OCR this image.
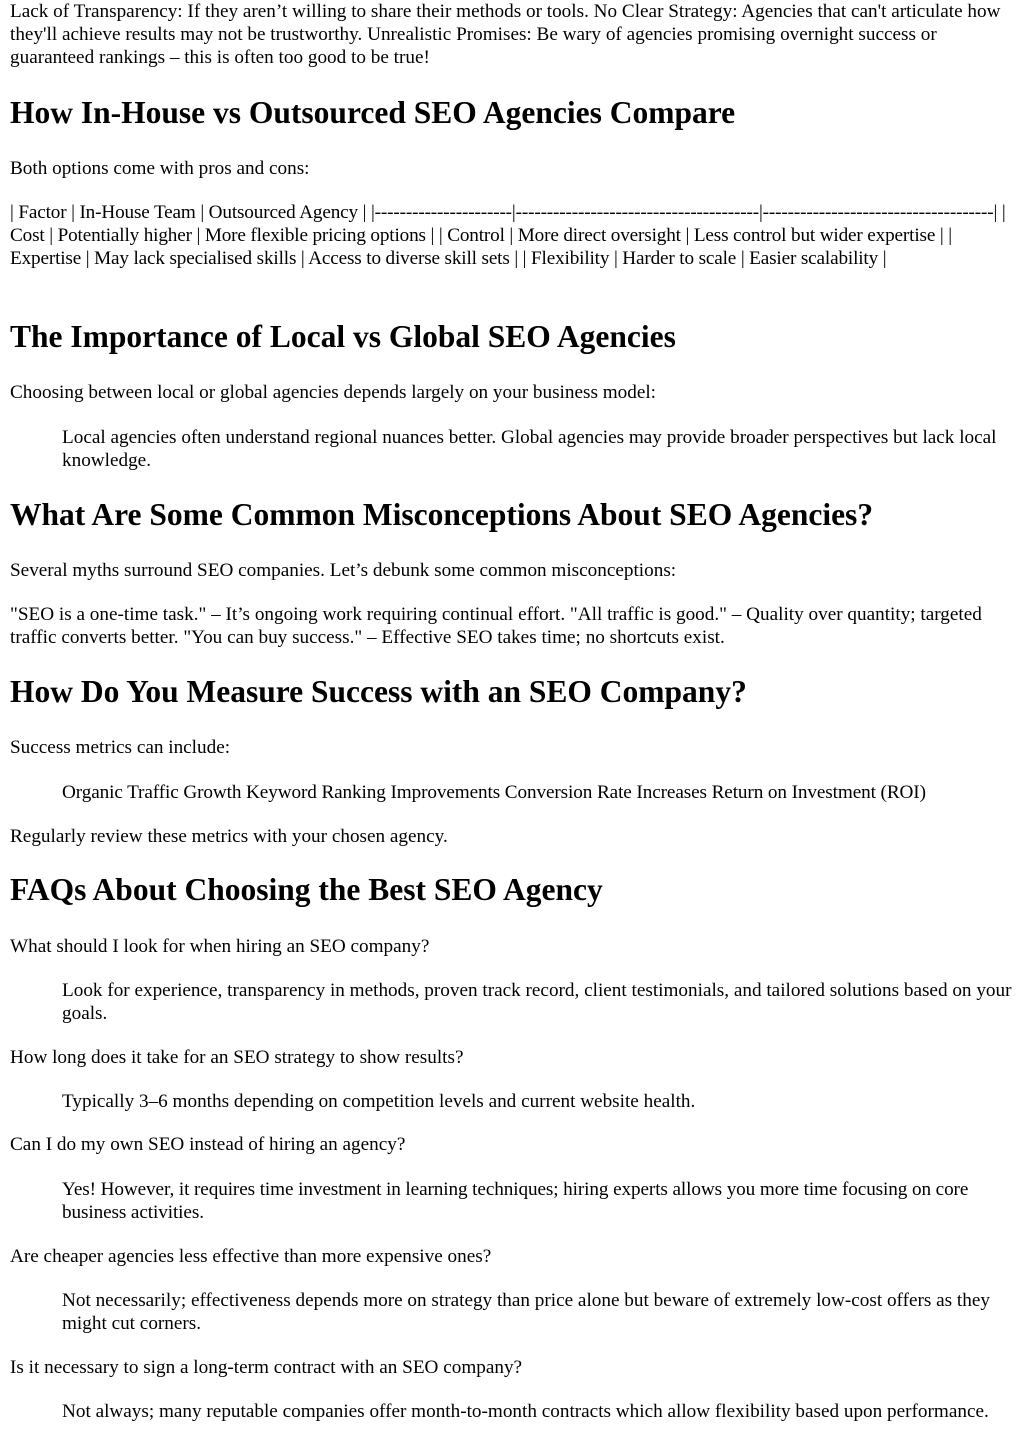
Lack of Transparency: If they aren’t willing to share their methods or tools. No Clear Strategy: Agencies that can't articulate how they'll achieve results may not be trustworthy. Unrealistic Promises: Be wary of agencies promising overnight success or guaranteed rankings – this is often too good to be true!

How In-House vs Outsourced SEO Agencies Compare

Both options come with pros and cons:

| Factor | In-House Team | Outsourced Agency | |----------------------|---------------------------------------|-------------------------------------| | Cost | Potentially higher | More flexible pricing options | | Control | More direct oversight | Less control but wider expertise | | Expertise | May lack specialised skills | Access to diverse skill sets | | Flexibility | Harder to scale | Easier scalability |

The Importance of Local vs Global SEO Agencies

Choosing between local or global agencies depends largely on your business model:

Local agencies often understand regional nuances better. Global agencies may provide broader perspectives but lack local knowledge.

What Are Some Common Misconceptions About SEO Agencies?

Several myths surround SEO companies. Let’s debunk some common misconceptions:

"SEO is a one-time task." – It’s ongoing work requiring continual effort. "All traffic is good." – Quality over quantity; targeted traffic converts better. "You can buy success." – Effective SEO takes time; no shortcuts exist.

How Do You Measure Success with an SEO Company?

Success metrics can include:

Organic Traffic Growth Keyword Ranking Improvements Conversion Rate Increases Return on Investment (ROI)

Regularly review these metrics with your chosen agency.

FAQs About Choosing the Best SEO Agency

What should I look for when hiring an SEO company?

Look for experience, transparency in methods, proven track record, client testimonials, and tailored solutions based on your goals.

How long does it take for an SEO strategy to show results?

Typically 3–6 months depending on competition levels and current website health.

Can I do my own SEO instead of hiring an agency?

Yes! However, it requires time investment in learning techniques; hiring experts allows you more time focusing on core business activities.

Are cheaper agencies less effective than more expensive ones?

Not necessarily; effectiveness depends more on strategy than price alone but beware of extremely low-cost offers as they might cut corners.

Is it necessary to sign a long-term contract with an SEO company?

Not always; many reputable companies offer month-to-month contracts which allow flexibility based upon performance.
